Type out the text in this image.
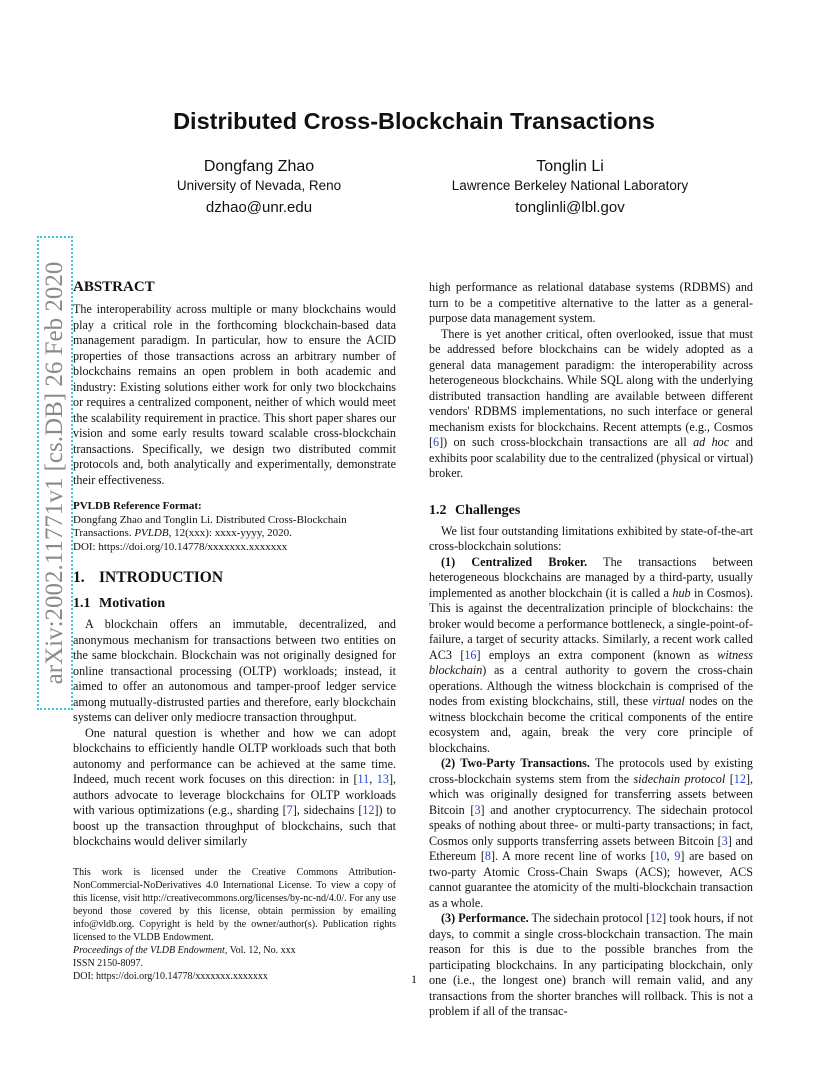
Distributed Cross-Blockchain Transactions
Dongfang Zhao
University of Nevada, Reno
dzhao@unr.edu
Tonglin Li
Lawrence Berkeley National Laboratory
tonglinli@lbl.gov
arXiv:2002.11771v1 [cs.DB] 26 Feb 2020 ABSTRACT

The interoperability across multiple or many blockchains would play a critical role in the forthcoming blockchain-based data management paradigm. In particular, how to ensure the ACID properties of those transactions across an arbitrary number of blockchains remains an open problem in both academic and industry: Existing solutions either work for only two blockchains or requires a centralized component, neither of which would meet the scalability requirement in practice. This short paper shares our vision and some early results toward scalable cross-blockchain transactions. Specifically, we design two distributed commit protocols and, both analytically and experimentally, demonstrate their effectiveness.

PVLDB Reference Format:
Dongfang Zhao and Tonglin Li. Distributed Cross-Blockchain Transactions. PVLDB, 12(xxx): xxxx-yyyy, 2020.
DOI: https://doi.org/10.14778/xxxxxxx.xxxxxxx
1. INTRODUCTION
1.1 Motivation

A blockchain offers an immutable, decentralized, and anonymous mechanism for transactions between two entities on the same blockchain. Blockchain was not originally designed for online transactional processing (OLTP) workloads; instead, it aimed to offer an autonomous and tamper-proof ledger service among mutually-distrusted parties and therefore, early blockchain systems can deliver only mediocre transaction throughput.

One natural question is whether and how we can adopt blockchains to efficiently handle OLTP workloads such that both autonomy and performance can be achieved at the same time. Indeed, much recent work focuses on this direction: in [11, 13], authors advocate to leverage blockchains for OLTP workloads with various optimizations (e.g., sharding [7], sidechains [12]) to boost up the transaction throughput of blockchains, such that blockchains would deliver similarly

This work is licensed under the Creative Commons Attribution-NonCommercial-NoDerivatives 4.0 International License. To view a copy of this license, visit http://creativecommons.org/licenses/by-nc-nd/4.0/. For any use beyond those covered by this license, obtain permission by emailing info@vldb.org. Copyright is held by the owner/author(s). Publication rights licensed to the VLDB Endowment.

Proceedings of the VLDB Endowment, Vol. 12, No. xxx

ISSN 2150-8097.

DOI: https://doi.org/10.14778/xxxxxxx.xxxxxxx

high performance as relational database systems (RDBMS) and turn to be a competitive alternative to the latter as a general-purpose data management system.

There is yet another critical, often overlooked, issue that must be addressed before blockchains can be widely adopted as a general data management paradigm: the interoperability across heterogeneous blockchains. While SQL along with the underlying distributed transaction handling are available between different vendors' RDBMS implementations, no such interface or general mechanism exists for blockchains. Recent attempts (e.g., Cosmos [6]) on such cross-blockchain transactions are all ad hoc and exhibits poor scalability due to the centralized (physical or virtual) broker.

1.2 Challenges

We list four outstanding limitations exhibited by state-of-the-art cross-blockchain solutions:

(1) Centralized Broker. The transactions between heterogeneous blockchains are managed by a third-party, usually implemented as another blockchain (it is called a hub in Cosmos). This is against the decentralization principle of blockchains: the broker would become a performance bottleneck, a single-point-of-failure, a target of security attacks. Similarly, a recent work called AC3 [16] employs an extra component (known as witness blockchain) as a central authority to govern the cross-chain operations. Although the witness blockchain is comprised of the nodes from existing blockchains, still, these virtual nodes on the witness blockchain become the critical components of the entire ecosystem and, again, break the very core principle of blockchains.

(2) Two-Party Transactions. The protocols used by existing cross-blockchain systems stem from the sidechain protocol [12], which was originally designed for transferring assets between Bitcoin [3] and another cryptocurrency. The sidechain protocol speaks of nothing about three- or multi-party transactions; in fact, Cosmos only supports transferring assets between Bitcoin [3] and Ethereum [8]. A more recent line of works [10, 9] are based on two-party Atomic Cross-Chain Swaps (ACS); however, ACS cannot guarantee the atomicity of the multi-blockchain transaction as a whole.

(3) Performance. The sidechain protocol [12] took hours, if not days, to commit a single cross-blockchain transaction. The main reason for this is due to the possible branches from the participating blockchains. In any participating blockchain, only one (i.e., the longest one) branch will remain valid, and any transactions from the shorter branches will rollback. This is not a problem if all of the transac-

1
